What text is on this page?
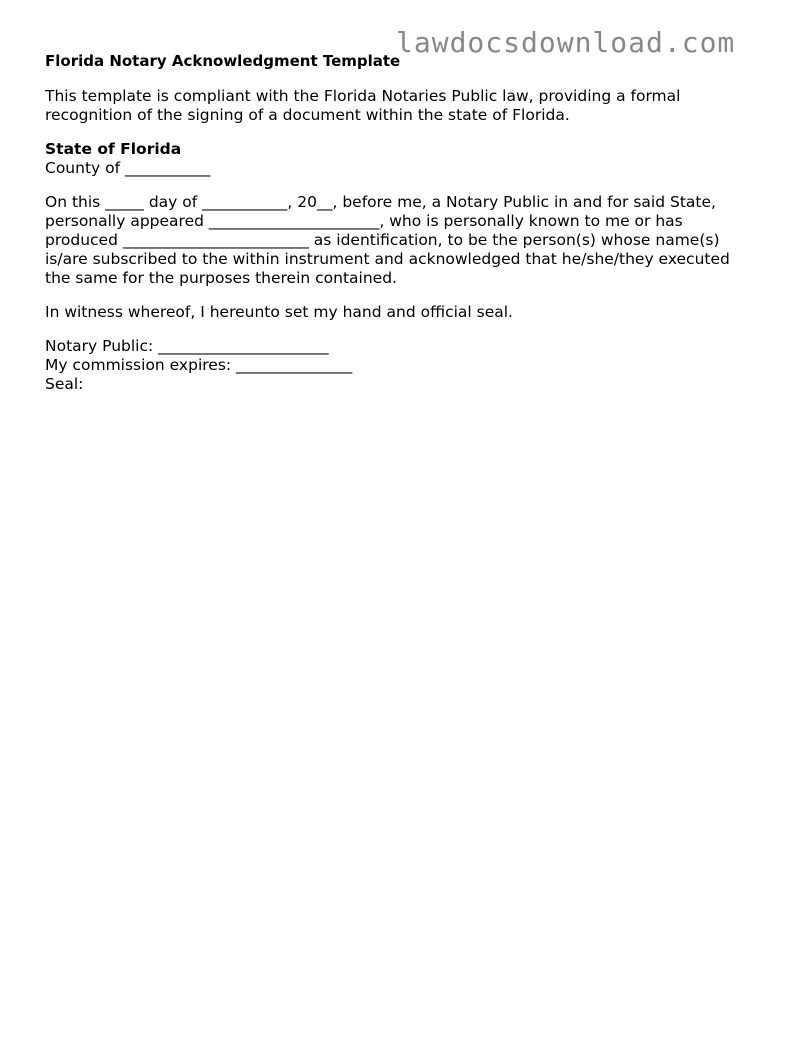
lawdocsdownload.com
Florida Notary Acknowledgment Template

This template is compliant with the Florida Notaries Public law, providing a formal recognition of the signing of a document within the state of Florida.

State of Florida
County of ___________
On this _____ day of ___________, 20__, before me, a Notary Public in and for said State,
personally appeared ______________________, who is personally known to me or has
produced ________________________ as identification, to be the person(s) whose name(s)
is/are subscribed to the within instrument and acknowledged that he/she/they executed
the same for the purposes therein contained.

In witness whereof, I hereunto set my hand and official seal.

Notary Public: ______________________
My commission expires: _______________
Seal:
